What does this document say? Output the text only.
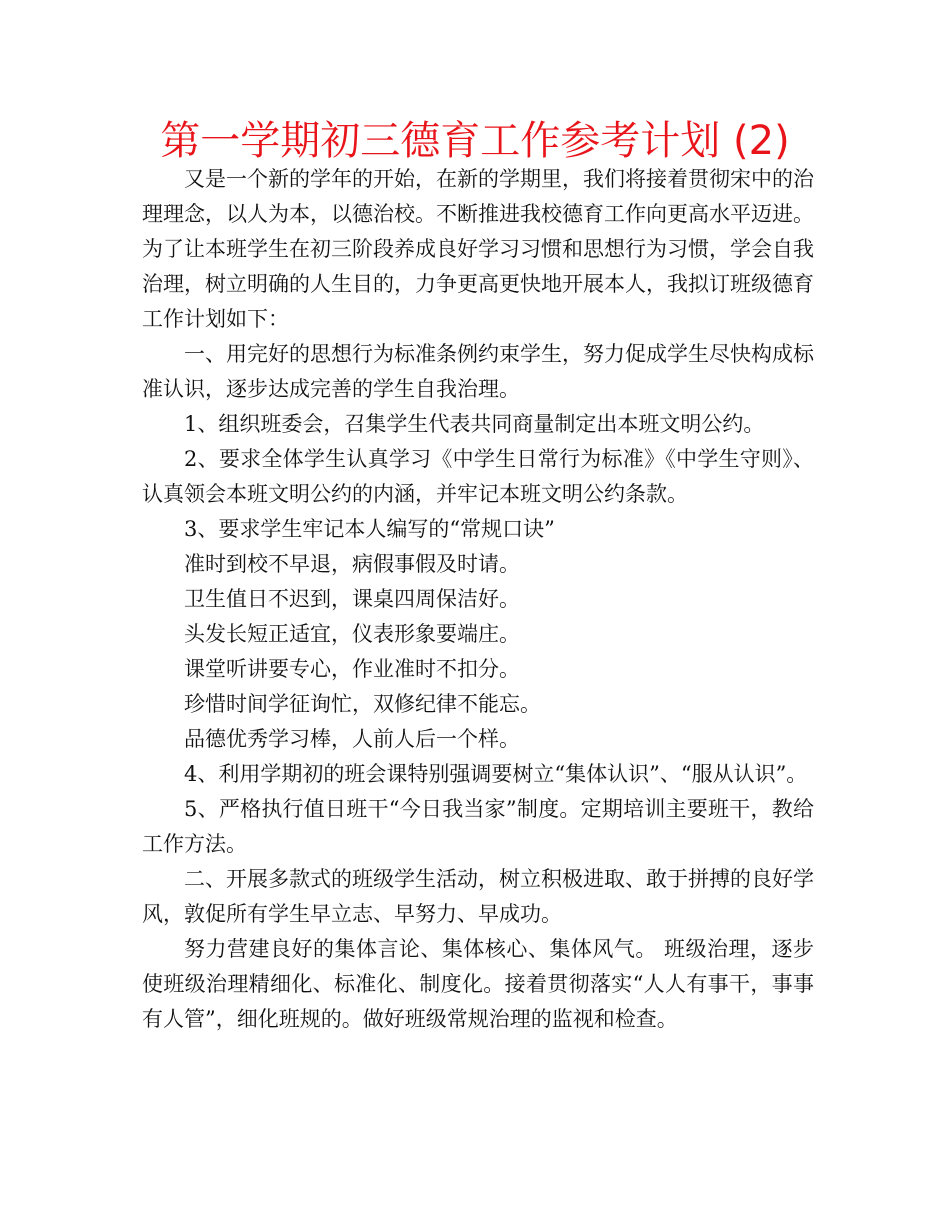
第一学期初三德育工作参考计划 (2)

又是一个新的学年的开始，在新的学期里，我们将接着贯彻宋中的治理理念，以人为本，以德治校。不断推进我校德育工作向更高水平迈进。为了让本班学生在初三阶段养成良好学习习惯和思想行为习惯，学会自我治理，树立明确的人生目的，力争更高更快地开展本人，我拟订班级德育工作计划如下：

一、用完好的思想行为标准条例约束学生，努力促成学生尽快构成标准认识，逐步达成完善的学生自我治理。

1、组织班委会，召集学生代表共同商量制定出本班文明公约。

2、要求全体学生认真学习《中学生日常行为标准》《中学生守则》、认真领会本班文明公约的内涵，并牢记本班文明公约条款。

3、要求学生牢记本人编写的“常规口诀”

准时到校不早退，病假事假及时请。

卫生值日不迟到，课桌四周保洁好。

头发长短正适宜，仪表形象要端庄。

课堂听讲要专心，作业准时不扣分。

珍惜时间学征询忙，双修纪律不能忘。

品德优秀学习棒，人前人后一个样。

4、利用学期初的班会课特别强调要树立“集体认识”、“服从认识”。

5、严格执行值日班干“今日我当家”制度。定期培训主要班干，教给工作方法。

二、开展多款式的班级学生活动，树立积极进取、敢于拼搏的良好学风，敦促所有学生早立志、早努力、早成功。

努力营建良好的集体言论、集体核心、集体风气。 班级治理，逐步使班级治理精细化、标准化、制度化。接着贯彻落实“人人有事干，事事有人管”，细化班规的。做好班级常规治理的监视和检查。
